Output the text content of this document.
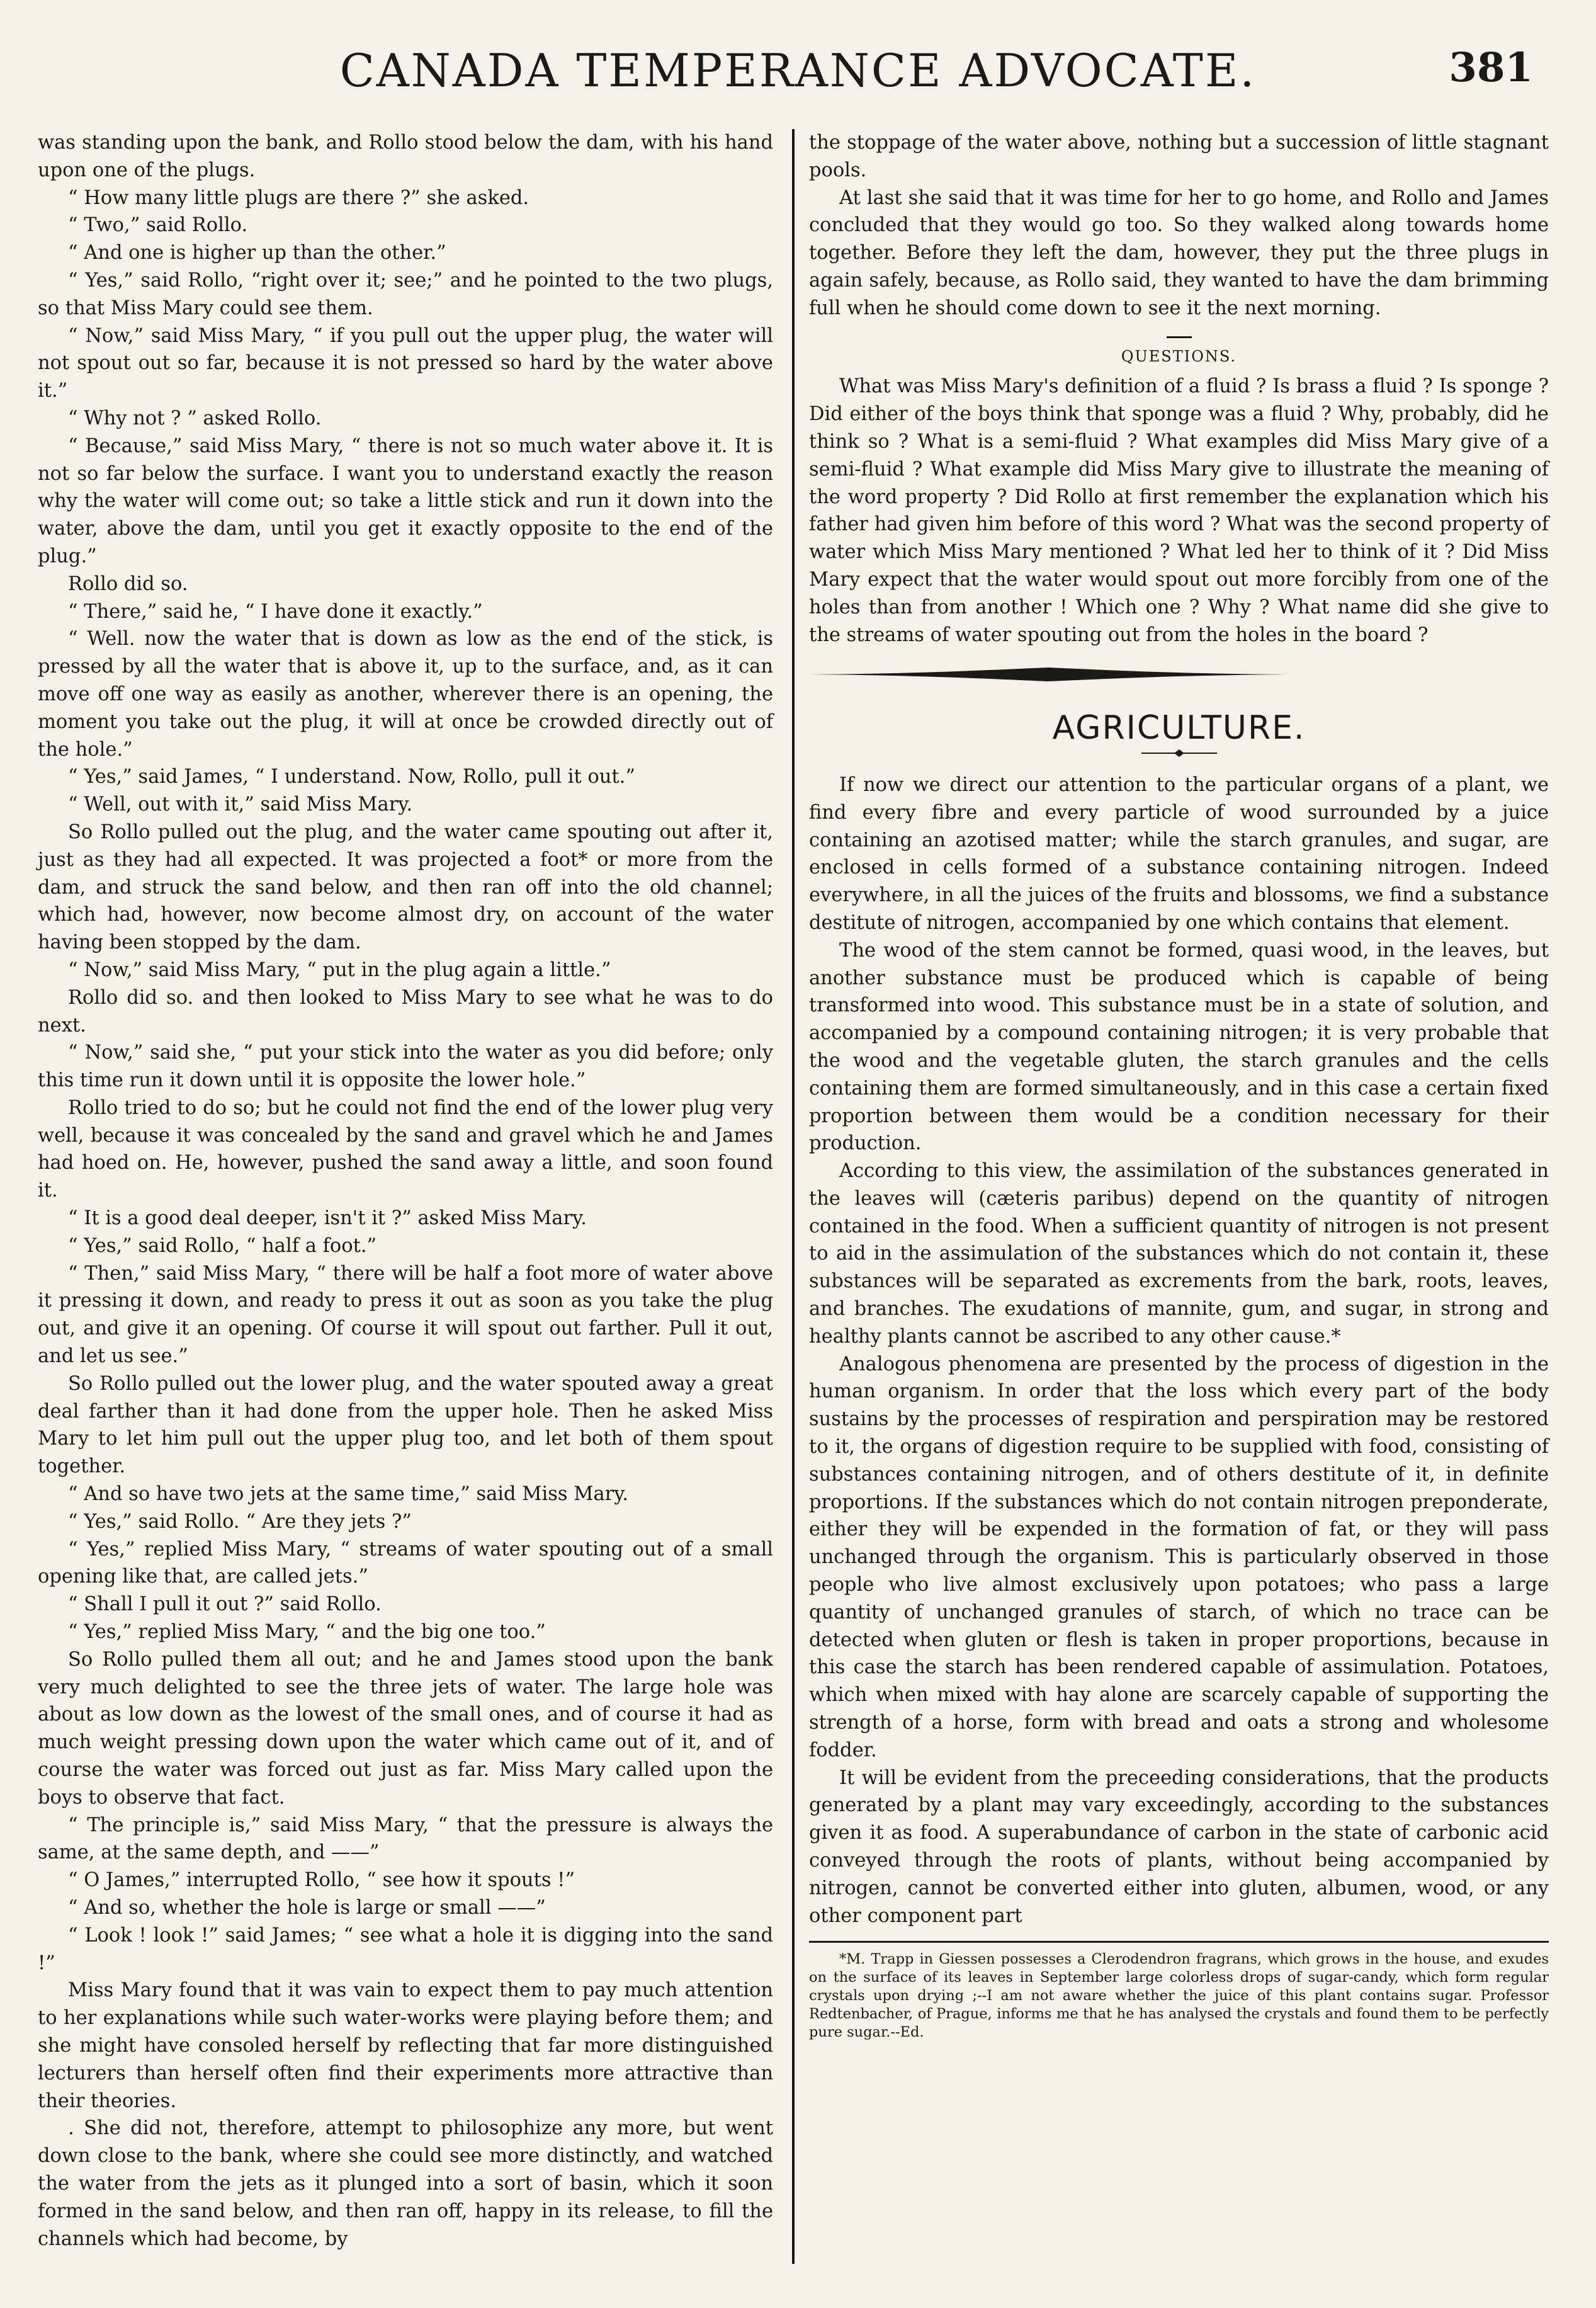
CANADA TEMPERANCE ADVOCATE.	381

was standing upon the bank, and Rollo stood below the dam, with his hand upon one of the plugs.

“ How many little plugs are there ?” she asked.

“ Two,” said Rollo.

“ And one is higher up than the other.”

“ Yes,” said Rollo, “right over it; see;” and he pointed to the two plugs, so that Miss Mary could see them.

“ Now,” said Miss Mary, “ if you pull out the upper plug, the water will not spout out so far, because it is not pressed so hard by the water above it.”

“ Why not ? ” asked Rollo.

“ Because,” said Miss Mary, “ there is not so much water above it. It is not so far below the surface. I want you to understand exactly the reason why the water will come out; so take a little stick and run it down into the water, above the dam, until you get it exactly opposite to the end of the plug.”

Rollo did so.

“ There,” said he, “ I have done it exactly.”

“ Well. now the water that is down as low as the end of the stick, is pressed by all the water that is above it, up to the surface, and, as it can move off one way as easily as another, wherever there is an opening, the moment you take out the plug, it will at once be crowded directly out of the hole.”

“ Yes,” said James, “ I understand. Now, Rollo, pull it out.”

“ Well, out with it,” said Miss Mary.

So Rollo pulled out the plug, and the water came spouting out after it, just as they had all expected. It was projected a foot* or more from the dam, and struck the sand below, and then ran off into the old channel; which had, however, now become almost dry, on account of the water having been stopped by the dam.

“ Now,” said Miss Mary, “ put in the plug again a little.”

Rollo did so. and then looked to Miss Mary to see what he was to do next.

“ Now,” said she, “ put your stick into the water as you did before; only this time run it down until it is opposite the lower hole.”

Rollo tried to do so; but he could not find the end of the lower plug very well, because it was concealed by the sand and gravel which he and James had hoed on. He, however, pushed the sand away a little, and soon found it.

“ It is a good deal deeper, isn't it ?” asked Miss Mary.

“ Yes,” said Rollo, “ half a foot.”

“ Then,” said Miss Mary, “ there will be half a foot more of water above it pressing it down, and ready to press it out as soon as you take the plug out, and give it an opening. Of course it will spout out farther. Pull it out, and let us see.”

So Rollo pulled out the lower plug, and the water spouted away a great deal farther than it had done from the upper hole. Then he asked Miss Mary to let him pull out the upper plug too, and let both of them spout together.

“ And so have two jets at the same time,” said Miss Mary.

“ Yes,” said Rollo. “ Are they jets ?”

“ Yes,” replied Miss Mary, “ streams of water spouting out of a small opening like that, are called jets.”

“ Shall I pull it out ?” said Rollo.

“ Yes,” replied Miss Mary, “ and the big one too.”

So Rollo pulled them all out; and he and James stood upon the bank very much delighted to see the three jets of water. The large hole was about as low down as the lowest of the small ones, and of course it had as much weight pressing down upon the water which came out of it, and of course the water was forced out just as far. Miss Mary called upon the boys to observe that fact.

“ The principle is,” said Miss Mary, “ that the pressure is always the same, at the same depth, and ——”

“ O James,” interrupted Rollo, “ see how it spouts !”

“ And so, whether the hole is large or small ——”

“ Look ! look !” said James; “ see what a hole it is digging into the sand !”

Miss Mary found that it was vain to expect them to pay much attention to her explanations while such water-works were playing before them; and she might have consoled herself by reflecting that far more distinguished lecturers than herself often find their experiments more attractive than their theories.

. She did not, therefore, attempt to philosophize any more, but went down close to the bank, where she could see more distinctly, and watched the water from the jets as it plunged into a sort of basin, which it soon formed in the sand below, and then ran off, happy in its release, to fill the channels which had become, by

the stoppage of the water above, nothing but a succession of little stagnant pools.

At last she said that it was time for her to go home, and Rollo and James concluded that they would go too. So they walked along towards home together. Before they left the dam, however, they put the three plugs in again safely, because, as Rollo said, they wanted to have the dam brimming full when he should come down to see it the next morning.

QUESTIONS.

What was Miss Mary's definition of a fluid ? Is brass a fluid ? Is sponge ? Did either of the boys think that sponge was a fluid ? Why, probably, did he think so ? What is a semi-fluid ? What examples did Miss Mary give of a semi-fluid ? What example did Miss Mary give to illustrate the meaning of the word property ? Did Rollo at first remember the explanation which his father had given him before of this word ? What was the second property of water which Miss Mary mentioned ? What led her to think of it ? Did Miss Mary expect that the water would spout out more forcibly from one of the holes than from another ! Which one ? Why ? What name did she give to the streams of water spouting out from the holes in the board ?

AGRICULTURE.

If now we direct our attention to the particular organs of a plant, we find every fibre and every particle of wood surrounded by a juice containing an azotised matter; while the starch granules, and sugar, are enclosed in cells formed of a substance containing nitrogen. Indeed everywhere, in all the juices of the fruits and blossoms, we find a substance destitute of nitrogen, accompanied by one which contains that element.

The wood of the stem cannot be formed, quasi wood, in the leaves, but another substance must be produced which is capable of being transformed into wood. This substance must be in a state of solution, and accompanied by a compound containing nitrogen; it is very probable that the wood and the vegetable gluten, the starch granules and the cells containing them are formed simultaneously, and in this case a certain fixed proportion between them would be a condition necessary for their production.

According to this view, the assimilation of the substances generated in the leaves will (cæteris paribus) depend on the quantity of nitrogen contained in the food. When a sufficient quantity of nitrogen is not present to aid in the assimulation of the substances which do not contain it, these substances will be separated as excrements from the bark, roots, leaves, and branches. The exudations of mannite, gum, and sugar, in strong and healthy plants cannot be ascribed to any other cause.*

Analogous phenomena are presented by the process of digestion in the human organism. In order that the loss which every part of the body sustains by the processes of respiration and perspiration may be restored to it, the organs of digestion require to be supplied with food, consisting of substances containing nitrogen, and of others destitute of it, in definite proportions. If the substances which do not contain nitrogen preponderate, either they will be expended in the formation of fat, or they will pass unchanged through the organism. This is particularly observed in those people who live almost exclusively upon potatoes; who pass a large quantity of unchanged granules of starch, of which no trace can be detected when gluten or flesh is taken in proper proportions, because in this case the starch has been rendered capable of assimulation. Potatoes, which when mixed with hay alone are scarcely capable of supporting the strength of a horse, form with bread and oats a strong and wholesome fodder.

It will be evident from the preceeding considerations, that the products generated by a plant may vary exceedingly, according to the substances given it as food. A superabundance of carbon in the state of carbonic acid conveyed through the roots of plants, without being accompanied by nitrogen, cannot be converted either into gluten, albumen, wood, or any other component part

*M. Trapp in Giessen possesses a Clerodendron fragrans, which grows in the house, and exudes on the surface of its leaves in September large colorless drops of sugar-candy, which form regular crystals upon drying ;--I am not aware whether the juice of this plant contains sugar. Professor Redtenbacher, of Prague, informs me that he has analysed the crystals and found them to be perfectly pure sugar.--Ed.
